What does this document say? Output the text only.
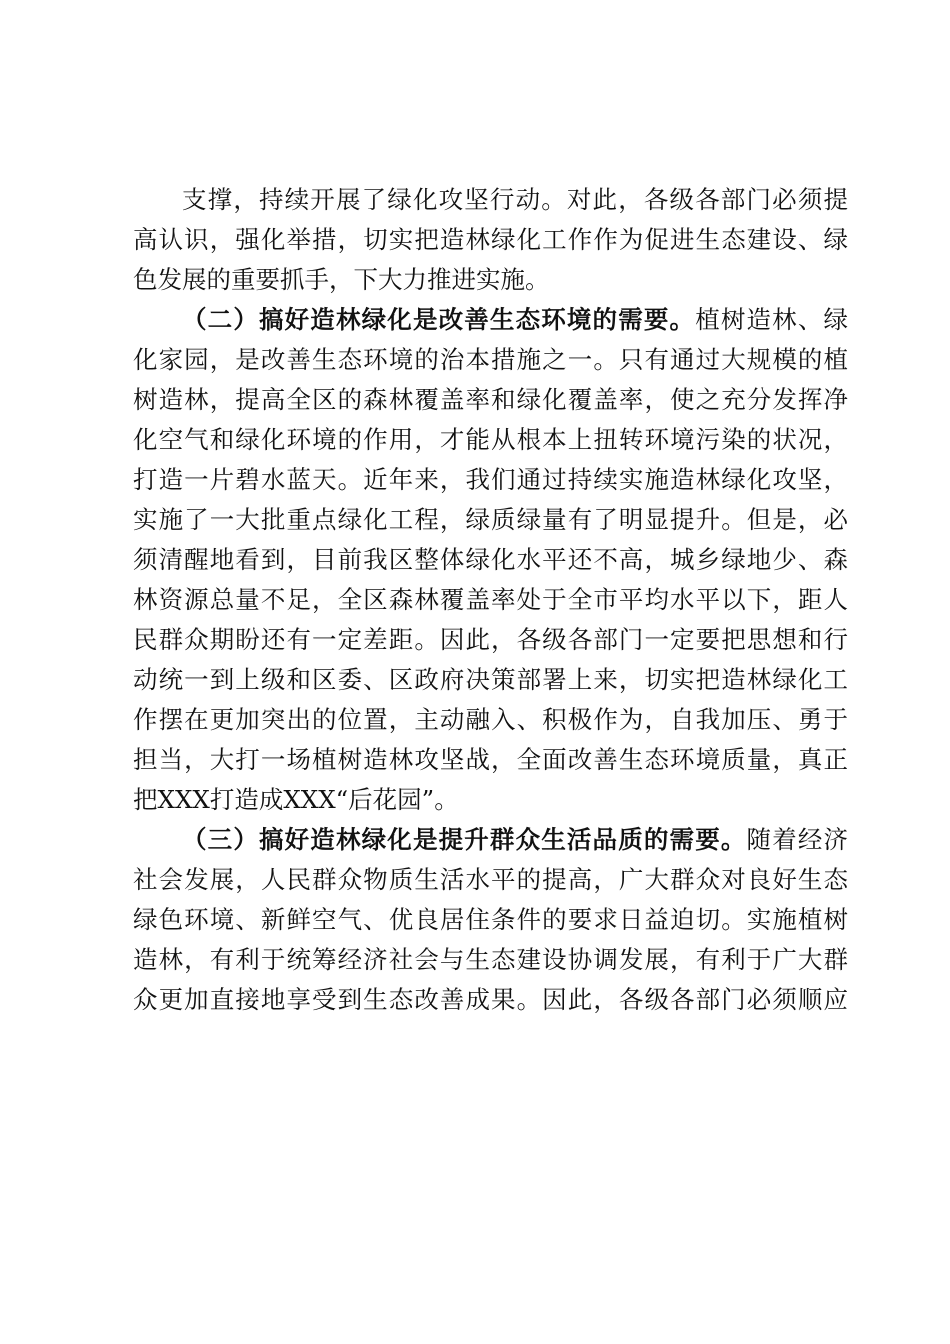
支撑，持续开展了绿化攻坚行动。对此，各级各部门必须提
高认识，强化举措，切实把造林绿化工作作为促进生态建设、绿
色发展的重要抓手，下大力推进实施。
（二）搞好造林绿化是改善生态环境的需要。植树造林、绿
化家园，是改善生态环境的治本措施之一。只有通过大规模的植
树造林，提高全区的森林覆盖率和绿化覆盖率，使之充分发挥净
化空气和绿化环境的作用，才能从根本上扭转环境污染的状况，
打造一片碧水蓝天。近年来，我们通过持续实施造林绿化攻坚，
实施了一大批重点绿化工程，绿质绿量有了明显提升。但是，必
须清醒地看到，目前我区整体绿化水平还不高，城乡绿地少、森
林资源总量不足，全区森林覆盖率处于全市平均水平以下，距人
民群众期盼还有一定差距。因此，各级各部门一定要把思想和行
动统一到上级和区委、区政府决策部署上来，切实把造林绿化工
作摆在更加突出的位置，主动融入、积极作为，自我加压、勇于
担当，大打一场植树造林攻坚战，全面改善生态环境质量，真正
把XXX打造成XXX“后花园”。
（三）搞好造林绿化是提升群众生活品质的需要。随着经济
社会发展，人民群众物质生活水平的提高，广大群众对良好生态
绿色环境、新鲜空气、优良居住条件的要求日益迫切。实施植树
造林，有利于统筹经济社会与生态建设协调发展，有利于广大群
众更加直接地享受到生态改善成果。因此，各级各部门必须顺应
